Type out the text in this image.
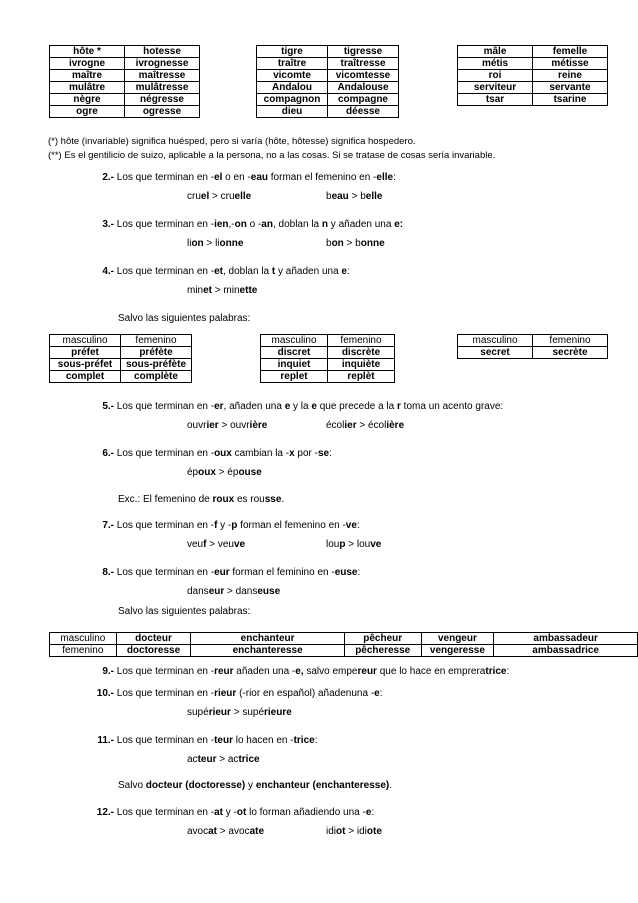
hôte *	hotesse
ivrogne	ivrognesse
maître	maîtresse
mulâtre	mulâtresse
nègre	négresse
ogre	ogresse
tigre	tigresse
traître	traîtresse
vicomte	vicomtesse
Andalou	Andalouse
compagnon	compagne
dieu	déesse
mâle	femelle
métis	métisse
roi	reine
serviteur	servante
tsar	tsarine
(*) hôte (invariable) significa huésped, pero si varía (hôte, hôtesse) significa hospedero.
(**) Es el gentilicio de suizo, aplicable a la persona, no a las cosas. Si se tratase de cosas sería invariable.
2.- Los que terminan en -el o en -eau forman el femenino en -elle:
cruel > cruelle	beau > belle
3.- Los que terminan en -ien,-on o -an, doblan la n y añaden una e:
lion > lionne	bon > bonne
4.- Los que terminan en -et, doblan la t y añaden una e:
minet > minette
Salvo las siguientes palabras:
masculino	femenino
préfet	préfète
sous-préfet	sous-préfète
complet	complète
masculino	femenino
discret	discrète
inquiet	inquiète
replet	replèt
masculino	femenino
secret	secrète
5.- Los que terminan en -er, añaden una e y la e que precede a la r toma un acento grave:
ouvrier > ouvrière	écolier > écolière
6.- Los que terminan en -oux cambian la -x por -se:
époux > épouse
Exc.: El femenino de roux es rousse.
7.- Los que terminan en -f y -p forman el femenino en -ve:
veuf > veuve	loup > louve
8.- Los que terminan en -eur forman el feminino en -euse:
danseur > danseuse
Salvo las siguientes palabras:
masculino	docteur	enchanteur	pêcheur	vengeur	ambassadeur
femenino	doctoresse	enchanteresse	pêcheresse	vengeresse	ambassadrice
9.- Los que terminan en -reur añaden una -e, salvo empereur que lo hace en empreratrice:
10.- Los que terminan en -rieur (-rior en español) añadenuna -e:
supérieur > supérieure
11.- Los que terminan en -teur lo hacen en -trice:
acteur > actrice
Salvo docteur (doctoresse) y enchanteur (enchanteresse).
12.- Los que terminan en -at y -ot lo forman añadiendo una -e:
avocat > avocate	idiot > idiote
